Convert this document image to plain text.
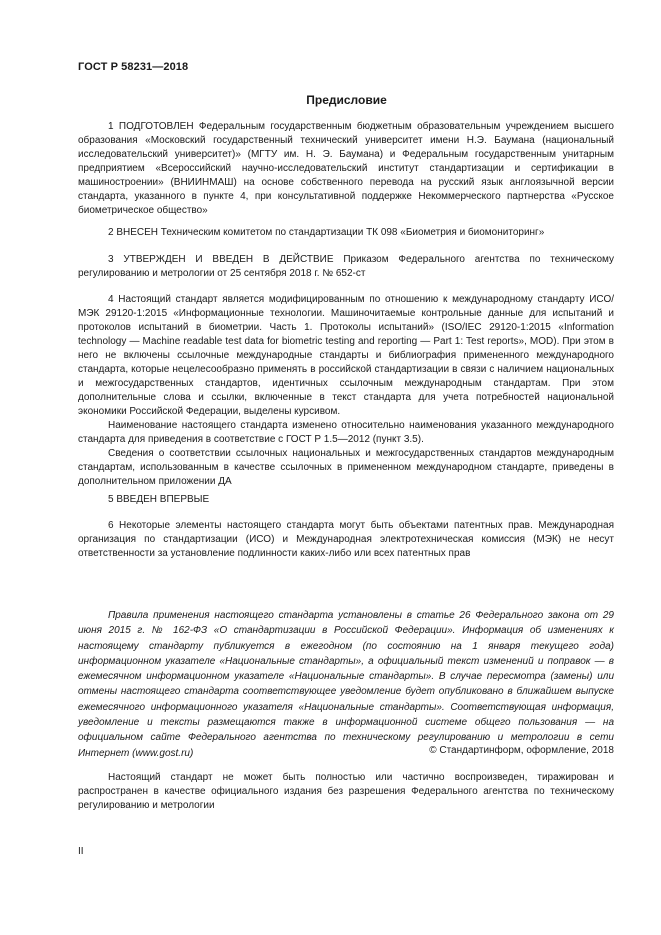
ГОСТ Р 58231—2018
Предисловие

1 ПОДГОТОВЛЕН Федеральным государственным бюджетным образовательным учреждением высшего образования «Московский государственный технический университет имени Н.Э. Баумана (национальный исследовательский университет)» (МГТУ им. Н. Э. Баумана) и Федеральным государственным унитарным предприятием «Всероссийский научно-исследовательский институт стандартизации и сертификации в машиностроении» (ВНИИНМАШ) на основе собственного перевода на русский язык англоязычной версии стандарта, указанного в пункте 4, при консультативной поддержке Некоммерческого партнерства «Русское биометрическое общество»

2 ВНЕСЕН Техническим комитетом по стандартизации ТК 098 «Биометрия и биомониторинг»

3 УТВЕРЖДЕН И ВВЕДЕН В ДЕЙСТВИЕ Приказом Федерального агентства по техническому регулированию и метрологии от 25 сентября 2018 г. № 652-ст

4 Настоящий стандарт является модифицированным по отношению к международному стандарту ИСО/МЭК 29120-1:2015 «Информационные технологии. Машиночитаемые контрольные данные для испытаний и протоколов испытаний в биометрии. Часть 1. Протоколы испытаний» (ISO/IEC 29120-1:2015 «Information technology — Machine readable test data for biometric testing and reporting — Part 1: Test reports», MOD). При этом в него не включены ссылочные международные стандарты и библиография примененного международного стандарта, которые нецелесообразно применять в российской стандартизации в связи с наличием национальных и межгосударственных стандартов, идентичных ссылочным международным стандартам. При этом дополнительные слова и ссылки, включенные в текст стандарта для учета потребностей национальной экономики Российской Федерации, выделены курсивом.

Наименование настоящего стандарта изменено относительно наименования указанного международного стандарта для приведения в соответствие с ГОСТ Р 1.5—2012 (пункт 3.5).

Сведения о соответствии ссылочных национальных и межгосударственных стандартов международным стандартам, использованным в качестве ссылочных в примененном международном стандарте, приведены в дополнительном приложении ДА

5 ВВЕДЕН ВПЕРВЫЕ

6 Некоторые элементы настоящего стандарта могут быть объектами патентных прав. Международная организация по стандартизации (ИСО) и Международная электротехническая комиссия (МЭК) не несут ответственности за установление подлинности каких-либо или всех патентных прав

Правила применения настоящего стандарта установлены в статье 26 Федерального закона от 29 июня 2015 г. № 162-ФЗ «О стандартизации в Российской Федерации». Информация об изменениях к настоящему стандарту публикуется в ежегодном (по состоянию на 1 января текущего года) информационном указателе «Национальные стандарты», а официальный текст изменений и поправок — в ежемесячном информационном указателе «Национальные стандарты». В случае пересмотра (замены) или отмены настоящего стандарта соответствующее уведомление будет опубликовано в ближайшем выпуске ежемесячного информационного указателя «Национальные стандарты». Соответствующая информация, уведомление и тексты размещаются также в информационной системе общего пользования — на официальном сайте Федерального агентства по техническому регулированию и метрологии в сети Интернет (www.gost.ru)	© Стандартинформ, оформление, 2018
Настоящий стандарт не может быть полностью или частично воспроизведен, тиражирован и распространен в качестве официального издания без разрешения Федерального агентства по техническому регулированию и метрологии
II
